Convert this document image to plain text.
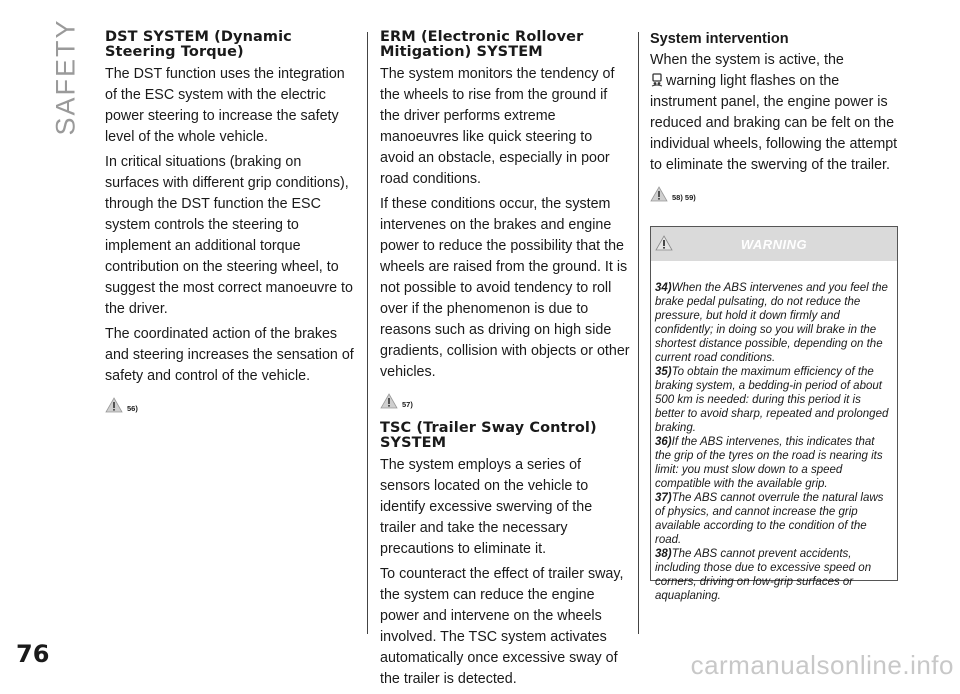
SAFETY DST SYSTEM (Dynamic Steering Torque)

The DST function uses the integration of the ESC system with the electric power steering to increase the safety level of the whole vehicle.

In critical situations (braking on surfaces with different grip conditions), through the DST function the ESC system controls the steering to implement an additional torque contribution on the steering wheel, to suggest the most correct manoeuvre to the driver.

The coordinated action of the brakes and steering increases the sensation of safety and control of the vehicle.

56)
ERM (Electronic Rollover Mitigation) SYSTEM

The system monitors the tendency of the wheels to rise from the ground if the driver performs extreme manoeuvres like quick steering to avoid an obstacle, especially in poor road conditions.

If these conditions occur, the system intervenes on the brakes and engine power to reduce the possibility that the wheels are raised from the ground. It is not possible to avoid tendency to roll over if the phenomenon is due to reasons such as driving on high side gradients, collision with objects or other vehicles.

57)
TSC (Trailer Sway Control) SYSTEM

The system employs a series of sensors located on the vehicle to identify excessive swerving of the trailer and take the necessary precautions to eliminate it.

To counteract the effect of trailer sway, the system can reduce the engine power and intervene on the wheels involved. The TSC system activates automatically once excessive sway of the trailer is detected.

System intervention

When the system is active, the
warning light flashes on the instrument panel, the engine power is reduced and braking can be felt on the individual wheels, following the attempt to eliminate the swerving of the trailer.

58) 59)
WARNING

34)When the ABS intervenes and you feel the brake pedal pulsating, do not reduce the pressure, but hold it down firmly and confidently; in doing so you will brake in the shortest distance possible, depending on the current road conditions.

35)To obtain the maximum efficiency of the braking system, a bedding-in period of about 500 km is needed: during this period it is better to avoid sharp, repeated and prolonged braking.

36)If the ABS intervenes, this indicates that the grip of the tyres on the road is nearing its limit: you must slow down to a speed compatible with the available grip.

37)The ABS cannot overrule the natural laws of physics, and cannot increase the grip available according to the condition of the road.

38)The ABS cannot prevent accidents, including those due to excessive speed on corners, driving on low-grip surfaces or aquaplaning.

76	carmanualsonline.info
